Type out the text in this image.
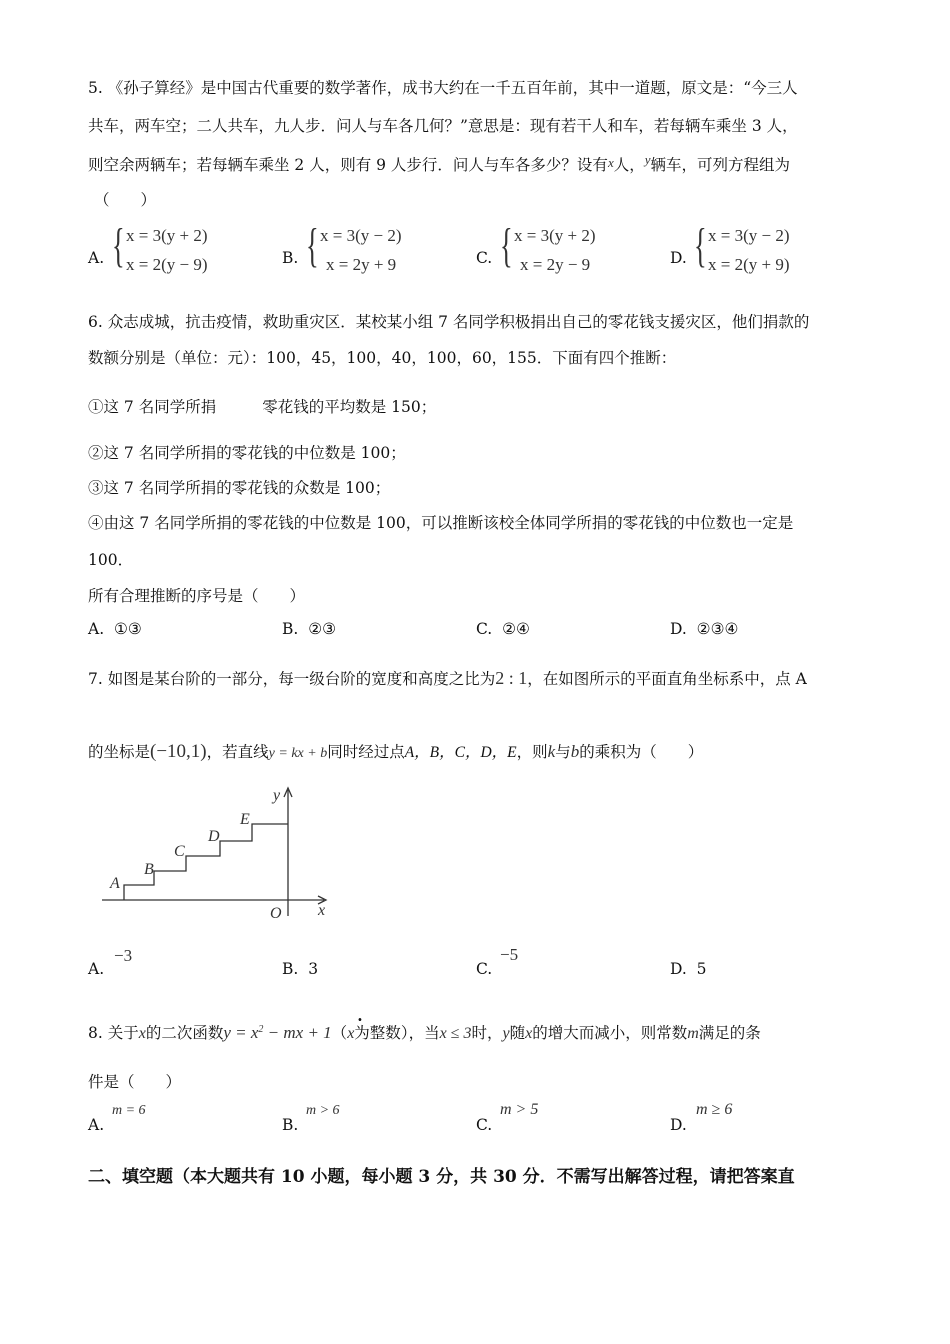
5. 《孙子算经》是中国古代重要的数学著作，成书大约在一千五百年前，其中一道题，原文是：“今三人
共车，两车空；二人共车，九人步．问人与车各几何？”意思是：现有若干人和车，若每辆车乘坐 3 人，
则空余两辆车；若每辆车乘坐 2 人，则有 9 人步行．问人与车各多少？设有x人，$^y$辆车，可列方程组为
（　　）
A. { x = 3(y + 2)
x = 2(y − 9)	B. { x = 3(y − 2)
x = 2y + 9	C. { x = 3(y + 2)
x = 2y − 9	D. { x = 3(y − 2)
x = 2(y + 9)
6. 众志成城，抗击疫情，救助重灾区．某校某小组 7 名同学积极捐出自己的零花钱支援灾区，他们捐款的
数额分别是（单位：元）：100，45，100，40，100，60，155．下面有四个推断：
①这 7 名同学所捐	零花钱的平均数是 150；
②这 7 名同学所捐的零花钱的中位数是 100；
③这 7 名同学所捐的零花钱的众数是 100；
④由这 7 名同学所捐的零花钱的中位数是 100，可以推断该校全体同学所捐的零花钱的中位数也一定是
100．
所有合理推断的序号是（　　）
A. ①③	B. ②③	C. ②④	D. ②③④
7. 如图是某台阶的一部分，每一级台阶的宽度和高度之比为2 : 1，在如图所示的平面直角坐标系中，点 A
的坐标是(−10,1)，若直线y = kx + b同时经过点A，B，C，D，E，则k与b的乘积为（　　）
A
B
C
D
E
O x
y
A.
−3
B. 3	C.
−5
D. 5
8. 关于x的二次函数$y = x^2$ − mx + 1（x为整数），当x ≤ 3时，y随x的增大而减小，则常数m满足的条
件是（　　）
A.
m = 6
B.
m > 6
C.
m > 5
D.
m ≥ 6
二、填空题（本大题共有 10 小题，每小题 3 分，共 30 分．不需写出解答过程，请把答案直
